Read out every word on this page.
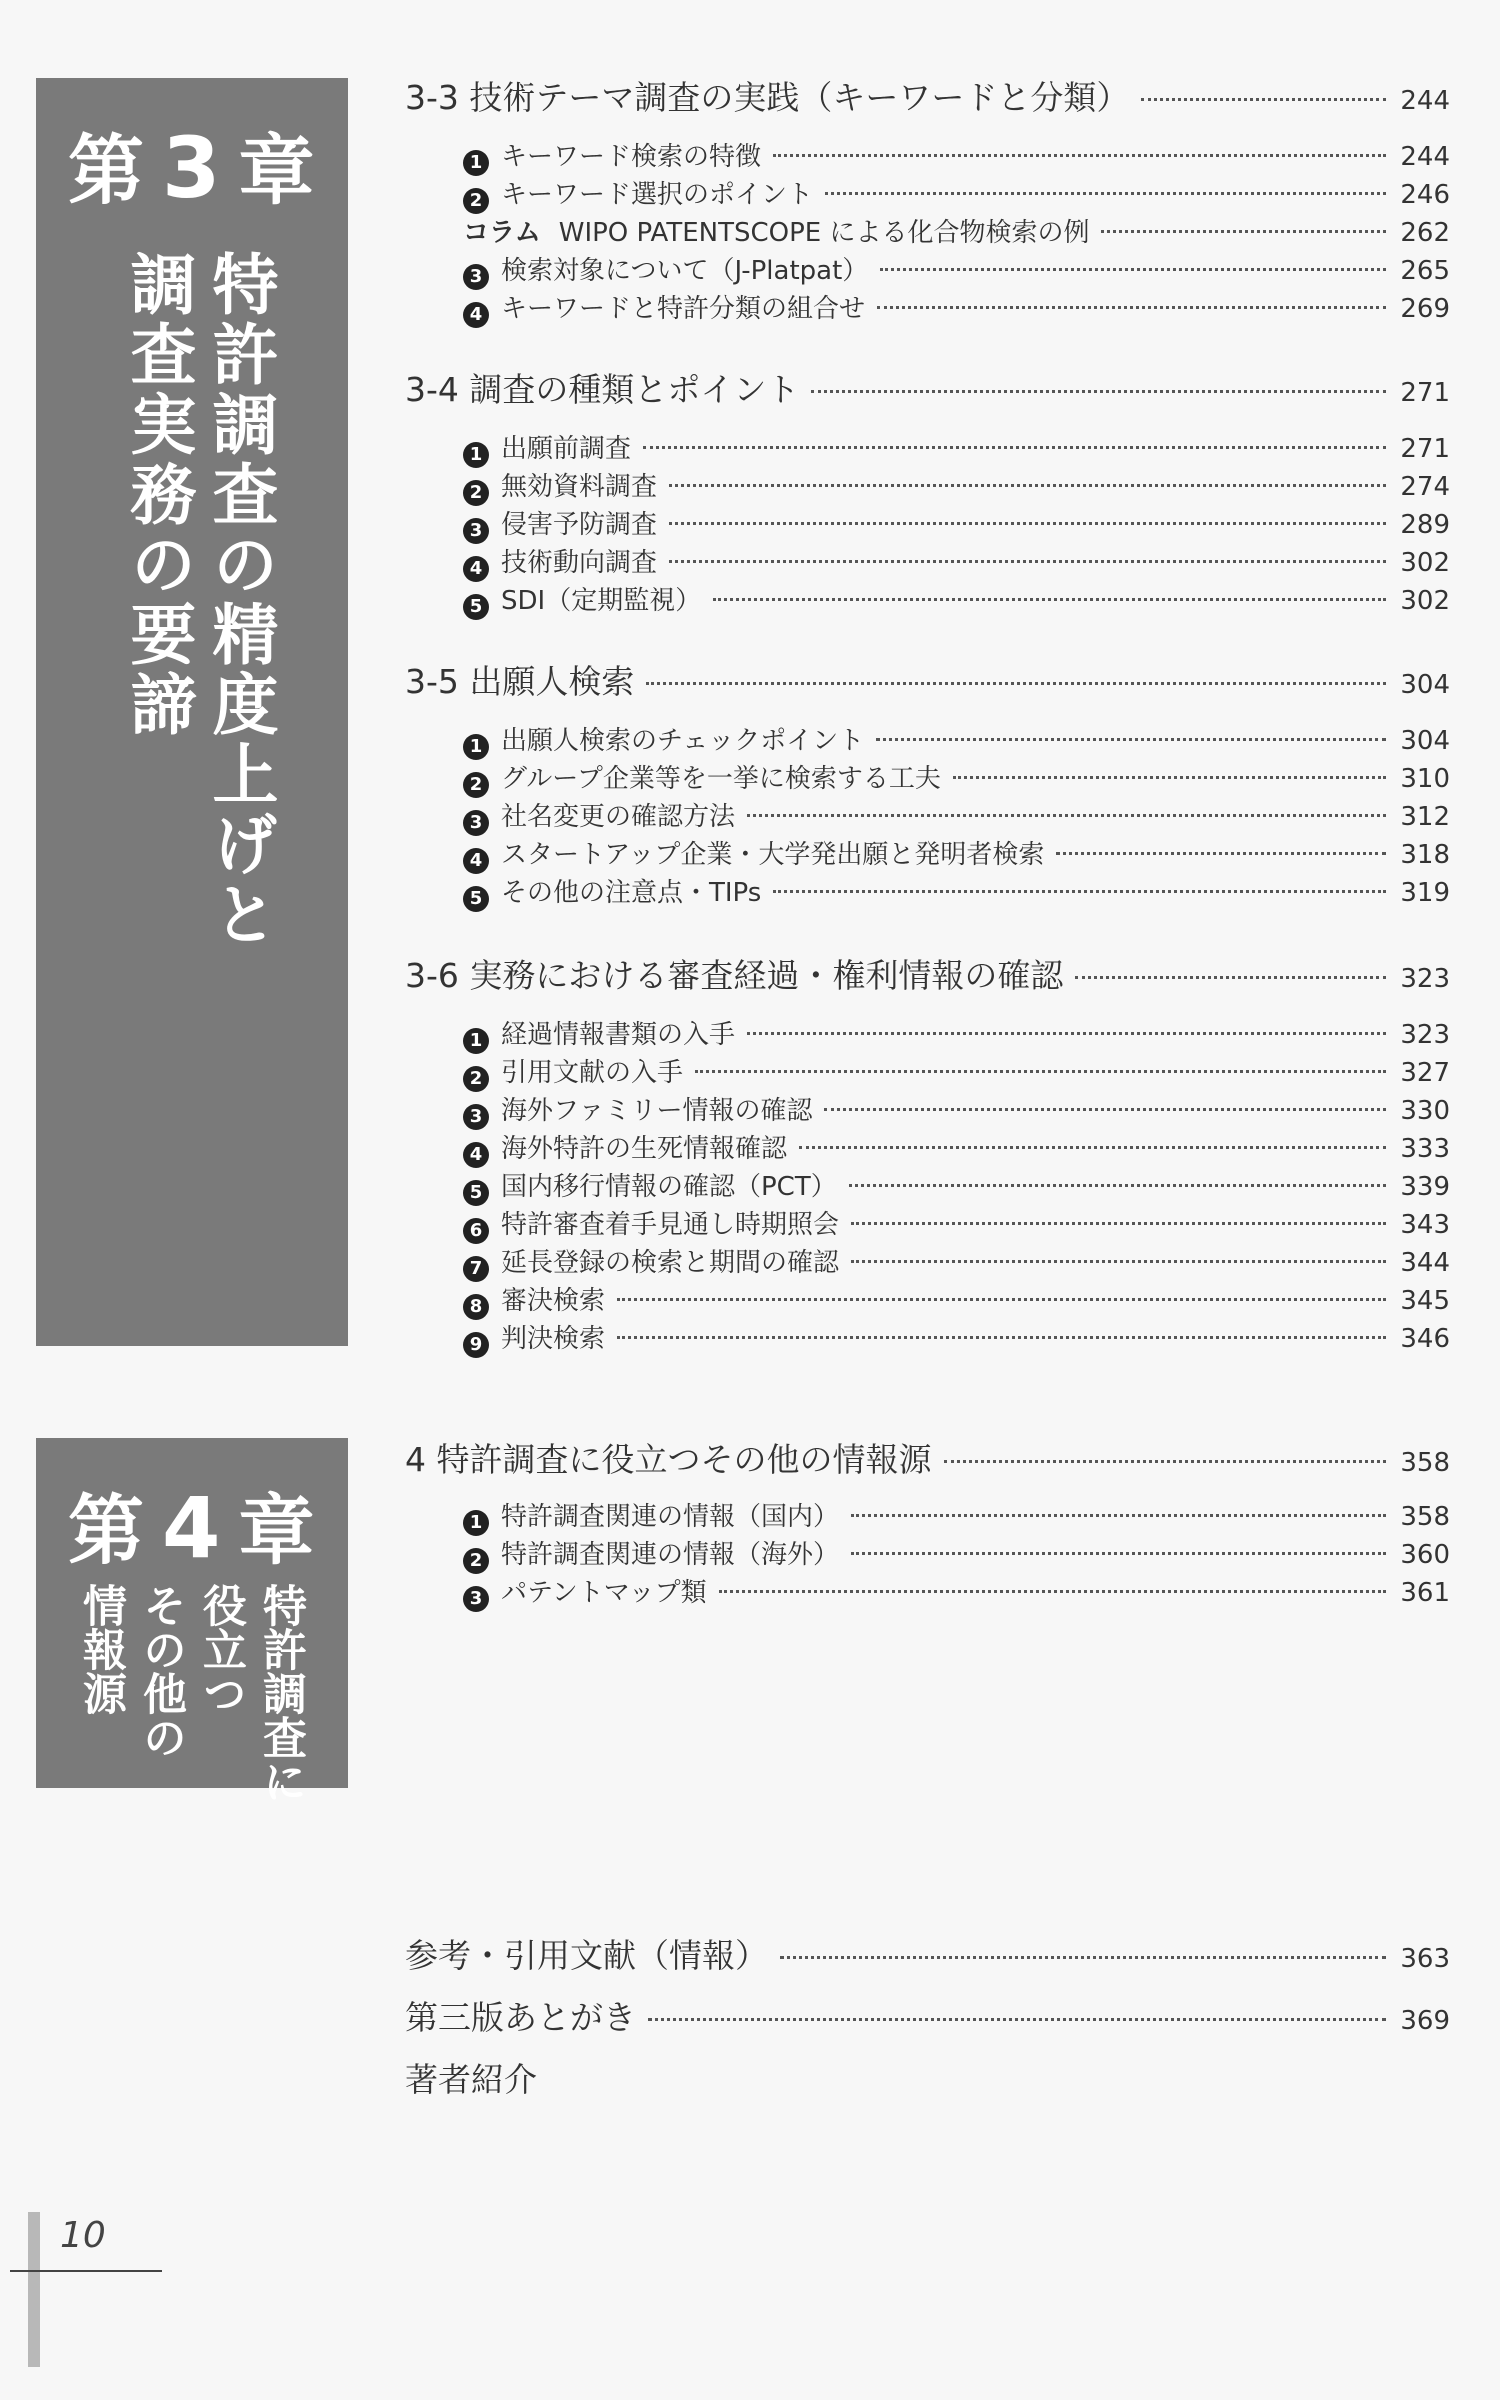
第 3 章
特許調査の精度上げと
調査実務の要諦
第 4 章
特許調査に
役立つ
その他の
情報源
3-3 技術テーマ調査の実践（キーワードと分類）	244
1 キーワード検索の特徴	244
2 キーワード選択のポイント	246
コラム WIPO PATENTSCOPE による化合物検索の例	262
3 検索対象について（J-Platpat）	265
4 キーワードと特許分類の組合せ	269
3-4 調査の種類とポイント	271
1 出願前調査	271
2 無効資料調査	274
3 侵害予防調査	289
4 技術動向調査	302
5 SDI（定期監視）	302
3-5 出願人検索	304
1 出願人検索のチェックポイント	304
2 グループ企業等を一挙に検索する工夫	310
3 社名変更の確認方法	312
4 スタートアップ企業・大学発出願と発明者検索	318
5 その他の注意点・TIPs	319
3-6 実務における審査経過・権利情報の確認	323
1 経過情報書類の入手	323
2 引用文献の入手	327
3 海外ファミリー情報の確認	330
4 海外特許の生死情報確認	333
5 国内移行情報の確認（PCT）	339
6 特許審査着手見通し時期照会	343
7 延長登録の検索と期間の確認	344
8 審決検索	345
9 判決検索	346
4 特許調査に役立つその他の情報源	358
1 特許調査関連の情報（国内）	358
2 特許調査関連の情報（海外）	360
3 パテントマップ類	361
参考・引用文献（情報）	363
第三版あとがき	369
著者紹介
10
